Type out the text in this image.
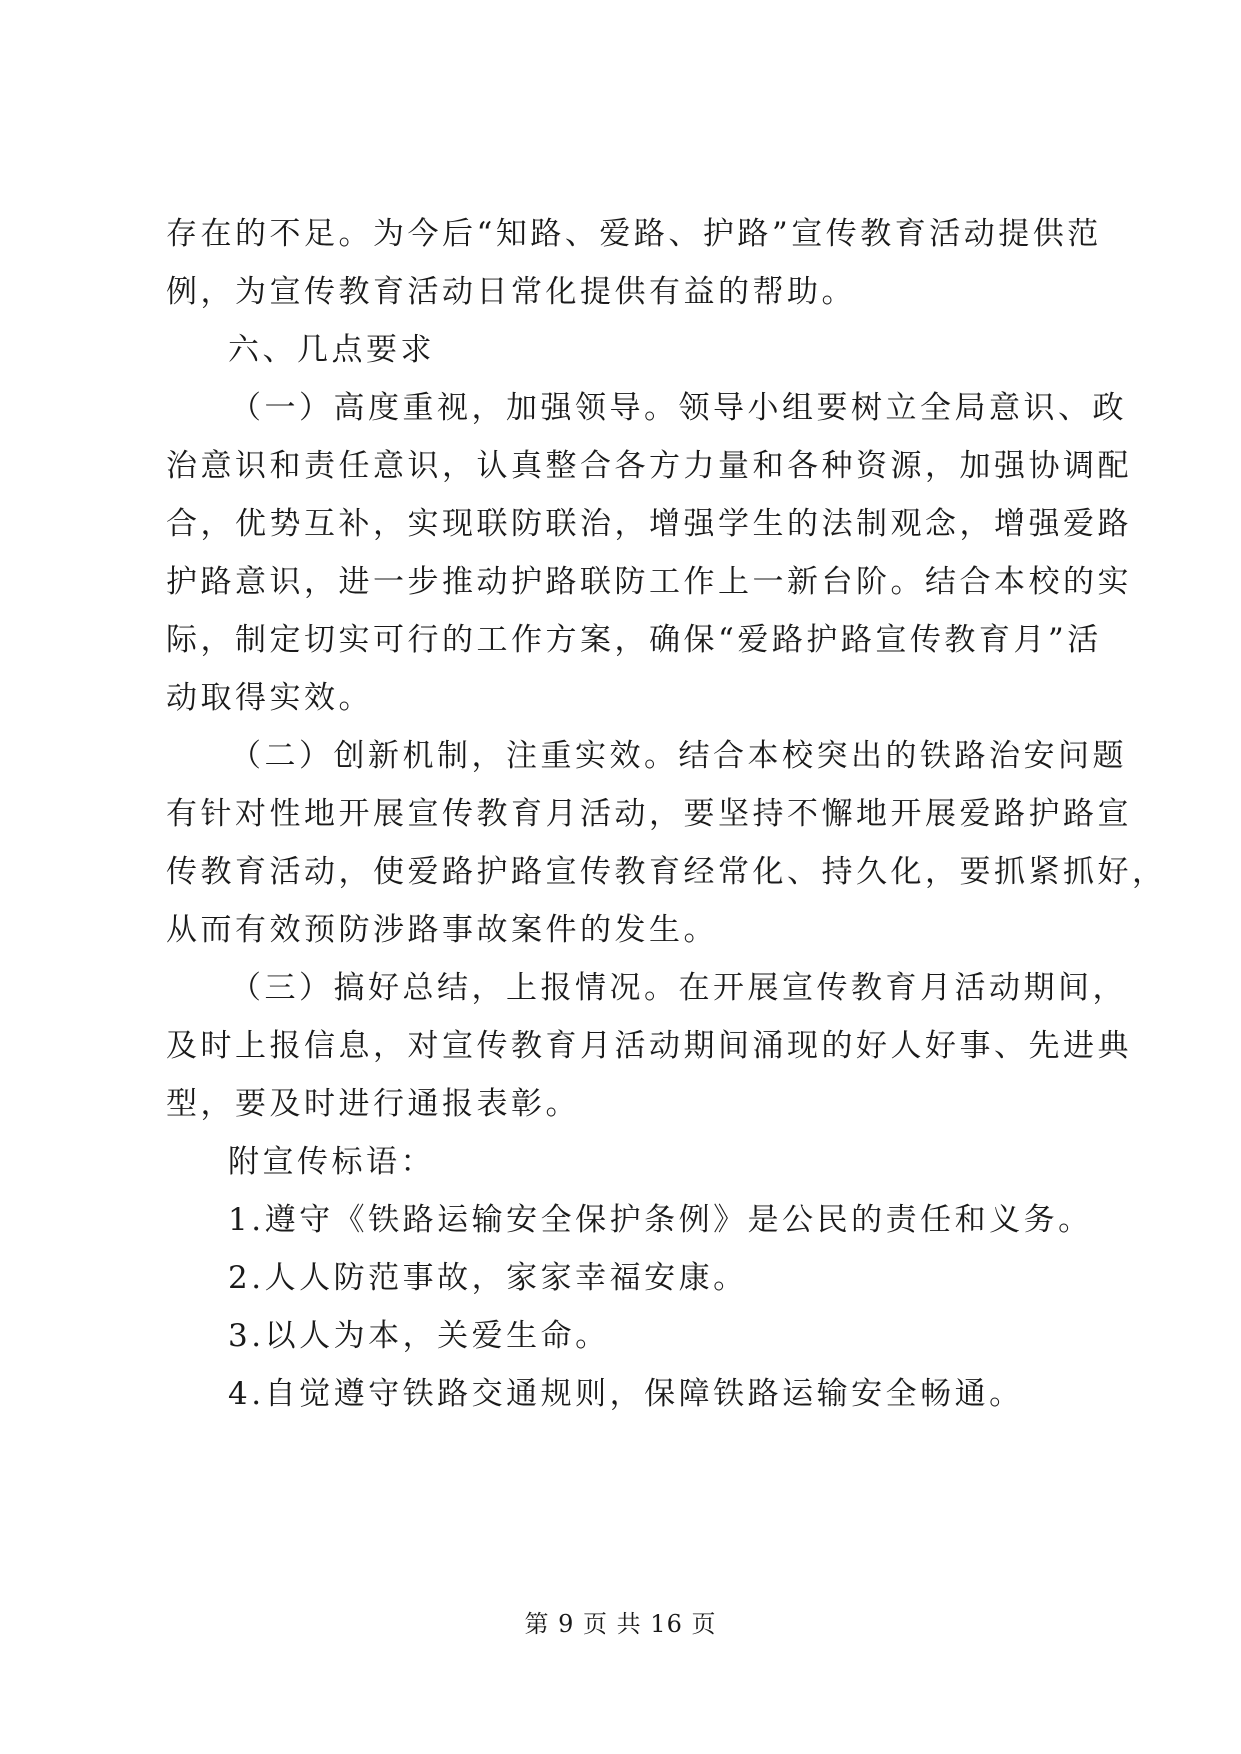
存在的不足。为今后“知路、爱路、护路”宣传教育活动提供范
例，为宣传教育活动日常化提供有益的帮助。
六、几点要求
（一）高度重视，加强领导。领导小组要树立全局意识、政
治意识和责任意识，认真整合各方力量和各种资源，加强协调配
合，优势互补，实现联防联治，增强学生的法制观念，增强爱路
护路意识，进一步推动护路联防工作上一新台阶。结合本校的实
际，制定切实可行的工作方案，确保“爱路护路宣传教育月”活
动取得实效。
（二）创新机制，注重实效。结合本校突出的铁路治安问题
有针对性地开展宣传教育月活动，要坚持不懈地开展爱路护路宣
传教育活动，使爱路护路宣传教育经常化、持久化，要抓紧抓好，
从而有效预防涉路事故案件的发生。
（三）搞好总结，上报情况。在开展宣传教育月活动期间，
及时上报信息，对宣传教育月活动期间涌现的好人好事、先进典
型，要及时进行通报表彰。
附宣传标语：
1.遵守《铁路运输安全保护条例》是公民的责任和义务。
2.人人防范事故，家家幸福安康。
3.以人为本，关爱生命。
4.自觉遵守铁路交通规则，保障铁路运输安全畅通。
第 9 页 共 16 页
